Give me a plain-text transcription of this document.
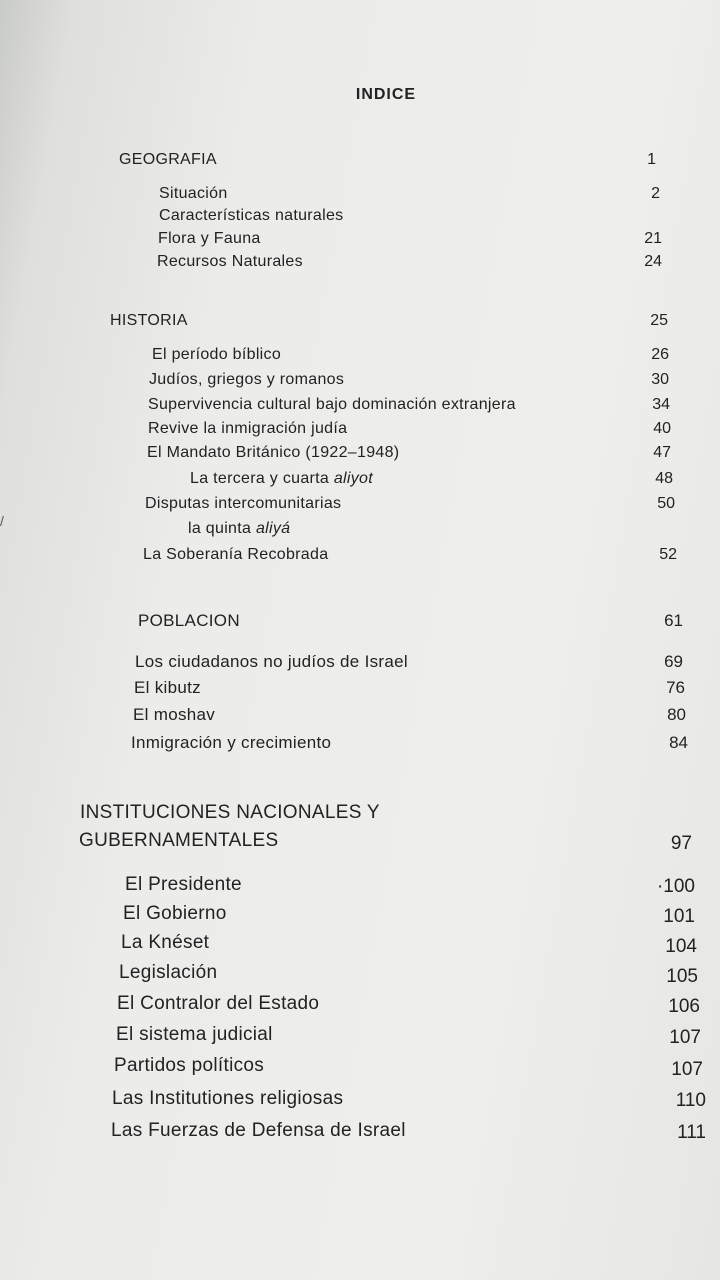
INDICE
GEOGRAFIA	1
Situación	2
Características naturales
Flora y Fauna	21
Recursos Naturales	24
HISTORIA	25
El período bíblico	26
Judíos, griegos y romanos	30
Supervivencia cultural bajo dominación extranjera	34
Revive la inmigración judía	40
El Mandato Británico (1922–1948)	47
La tercera y cuarta aliyot	48
Disputas intercomunitarias	50
la quinta aliyá
La Soberanía Recobrada	52
POBLACION	61
Los ciudadanos no judíos de Israel	69
El kibutz	76
El moshav	80
Inmigración y crecimiento	84
INSTITUCIONES NACIONALES Y
GUBERNAMENTALES	97
El Presidente	·100
El Gobierno	101
La Knéset	104
Legislación	105
El Contralor del Estado	106
El sistema judicial	107
Partidos políticos	107
Las Institutiones religiosas	110
Las Fuerzas de Defensa de Israel	111
/
